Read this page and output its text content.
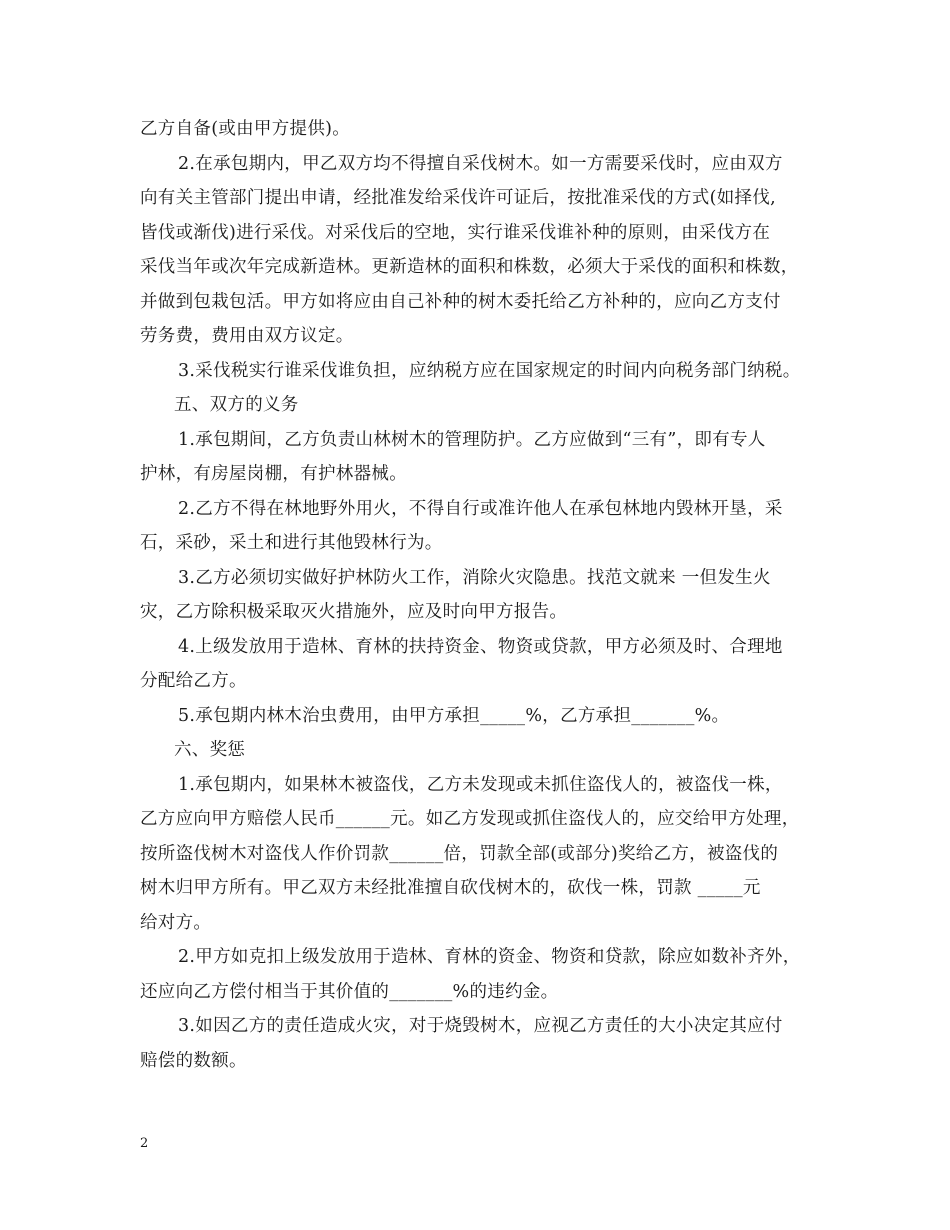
乙方自备(或由甲方提供)。

2.在承包期内，甲乙双方均不得擅自采伐树木。如一方需要采伐时，应由双方

向有关主管部门提出申请，经批准发给采伐许可证后，按批准采伐的方式(如择伐,

皆伐或渐伐)进行采伐。对采伐后的空地，实行谁采伐谁补种的原则，由采伐方在

采伐当年或次年完成新造林。更新造林的面积和株数，必须大于采伐的面积和株数，

并做到包栽包活。甲方如将应由自己补种的树木委托给乙方补种的，应向乙方支付

劳务费，费用由双方议定。

3.采伐税实行谁采伐谁负担，应纳税方应在国家规定的时间内向税务部门纳税。

五、双方的义务

1.承包期间，乙方负责山林树木的管理防护。乙方应做到“三有”，即有专人

护林，有房屋岗棚，有护林器械。

2.乙方不得在林地野外用火，不得自行或准许他人在承包林地内毁林开垦，采

石，采砂，采土和进行其他毁林行为。

3.乙方必须切实做好护林防火工作，消除火灾隐患。找范文就来 一但发生火

灾，乙方除积极采取灭火措施外，应及时向甲方报告。

4.上级发放用于造林、育林的扶持资金、物资或贷款，甲方必须及时、合理地

分配给乙方。

5.承包期内林木治虫费用，由甲方承担_____%，乙方承担_______%。

六、奖惩

1.承包期内，如果林木被盗伐，乙方未发现或未抓住盗伐人的，被盗伐一株，

乙方应向甲方赔偿人民币______元。如乙方发现或抓住盗伐人的，应交给甲方处理，

按所盗伐树木对盗伐人作价罚款______倍，罚款全部(或部分)奖给乙方，被盗伐的

树木归甲方所有。甲乙双方未经批准擅自砍伐树木的，砍伐一株，罚款 _____元

给对方。

2.甲方如克扣上级发放用于造林、育林的资金、物资和贷款，除应如数补齐外，

还应向乙方偿付相当于其价值的_______%的违约金。

3.如因乙方的责任造成火灾，对于烧毁树木，应视乙方责任的大小决定其应付

赔偿的数额。

2
